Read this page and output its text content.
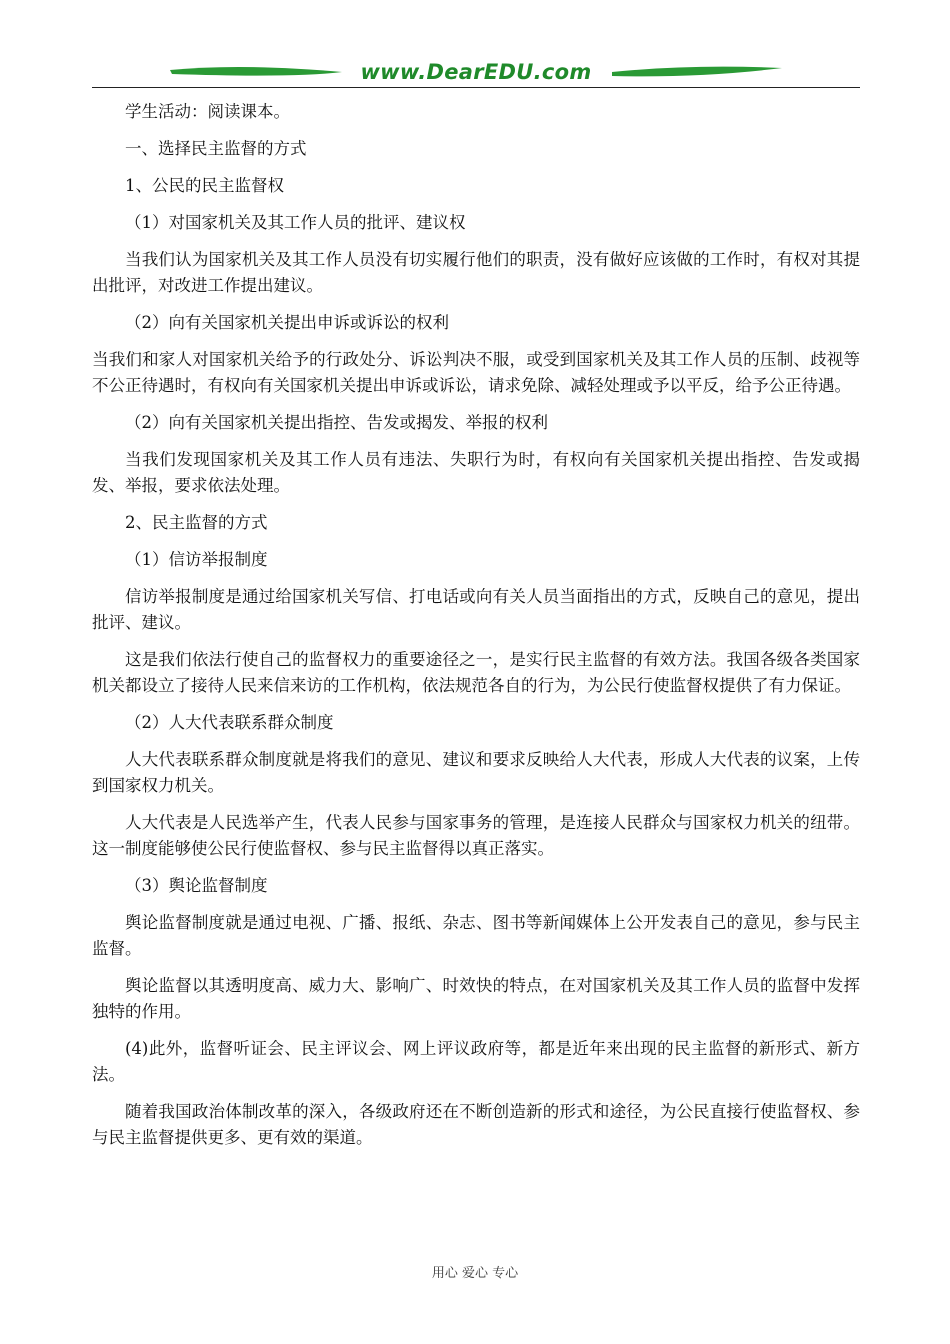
www.DearEDU.com

学生活动：阅读课本。

一、选择民主监督的方式

1、公民的民主监督权

（1）对国家机关及其工作人员的批评、建议权

当我们认为国家机关及其工作人员没有切实履行他们的职责，没有做好应该做的工作时，有权对其提出批评，对改进工作提出建议。

（2）向有关国家机关提出申诉或诉讼的权利

当我们和家人对国家机关给予的行政处分、诉讼判决不服，或受到国家机关及其工作人员的压制、歧视等不公正待遇时，有权向有关国家机关提出申诉或诉讼，请求免除、减轻处理或予以平反，给予公正待遇。

（2）向有关国家机关提出指控、告发或揭发、举报的权利

当我们发现国家机关及其工作人员有违法、失职行为时，有权向有关国家机关提出指控、告发或揭发、举报，要求依法处理。

2、民主监督的方式

（1）信访举报制度

信访举报制度是通过给国家机关写信、打电话或向有关人员当面指出的方式，反映自己的意见，提出批评、建议。

这是我们依法行使自己的监督权力的重要途径之一，是实行民主监督的有效方法。我国各级各类国家机关都设立了接待人民来信来访的工作机构，依法规范各自的行为，为公民行使监督权提供了有力保证。

（2）人大代表联系群众制度

人大代表联系群众制度就是将我们的意见、建议和要求反映给人大代表，形成人大代表的议案，上传到国家权力机关。

人大代表是人民选举产生，代表人民参与国家事务的管理，是连接人民群众与国家权力机关的纽带。这一制度能够使公民行使监督权、参与民主监督得以真正落实。

（3）舆论监督制度

舆论监督制度就是通过电视、广播、报纸、杂志、图书等新闻媒体上公开发表自己的意见，参与民主监督。

舆论监督以其透明度高、威力大、影响广、时效快的特点，在对国家机关及其工作人员的监督中发挥独特的作用。

(4)此外，监督听证会、民主评议会、网上评议政府等，都是近年来出现的民主监督的新形式、新方法。

随着我国政治体制改革的深入，各级政府还在不断创造新的形式和途径，为公民直接行使监督权、参与民主监督提供更多、更有效的渠道。

用心 爱心 专心
